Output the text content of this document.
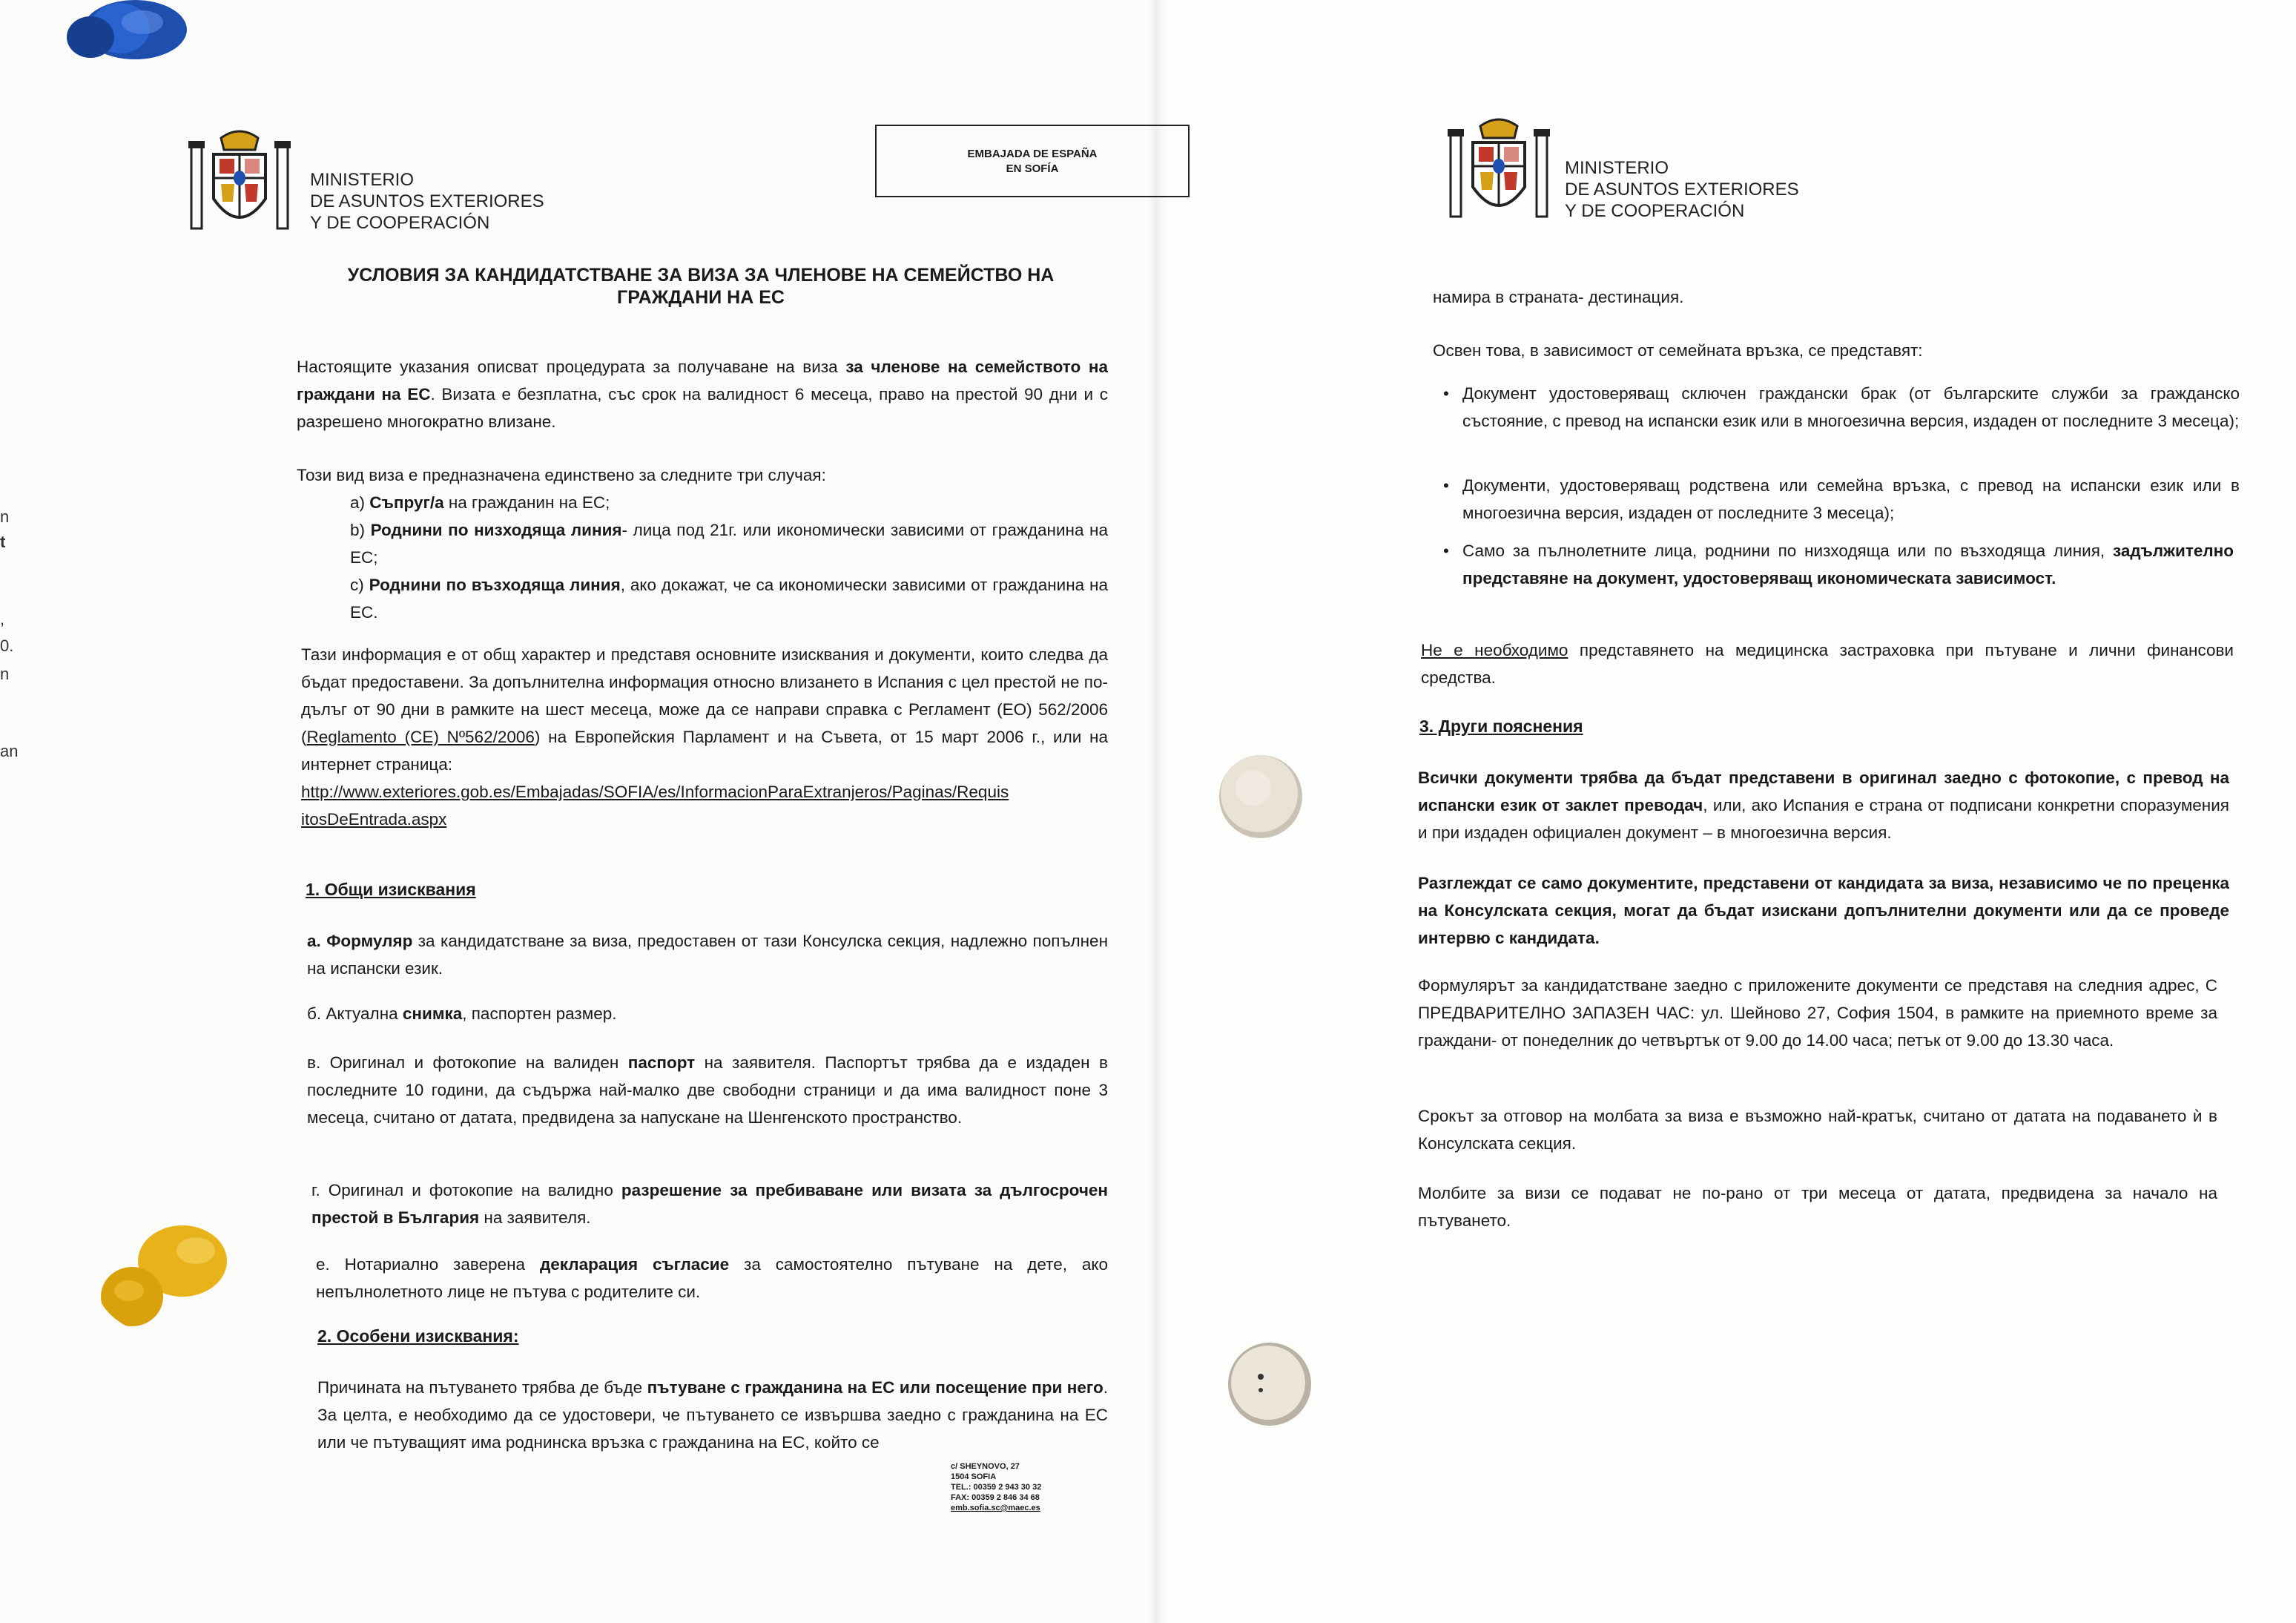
n
t
,
0.
n
an
MINISTERIO
DE ASUNTOS EXTERIORES
Y DE COOPERACIÓN
EMBAJADA DE ESPAÑA
EN SOFÍA
УСЛОВИЯ ЗА КАНДИДАТСТВАНЕ ЗА ВИЗА ЗА ЧЛЕНОВЕ НА СЕМЕЙСТВО НА
ГРАЖДАНИ НА ЕС

Настоящите указания описват процедурата за получаване на виза за членове на семейството на граждани на ЕС. Визата е безплатна, със срок на валидност 6 месеца, право на престой 90 дни и с разрешено многократно влизане.

Този вид виза е предназначена единствено за следните три случая:

а) Съпруг/а на гражданин на ЕС;

b) Роднини по низходяща линия- лица под 21г. или икономически зависими от гражданина на ЕС;

c) Роднини по възходяща линия, ако докажат, че са икономически зависими от гражданина на ЕС.

Тази информация е от общ характер и представя основните изисквания и документи, които следва да бъдат предоставени. За допълнителна информация относно влизането в Испания с цел престой не по-дълъг от 90 дни в рамките на шест месеца, може да се направи справка с Регламент (ЕО) 562/2006 (Reglamento (CE) Nº562/2006) на Европейския Парламент и на Съвета, от 15 март 2006 г., или на интернет страница:

http://www.exteriores.gob.es/Embajadas/SOFIA/es/InformacionParaExtranjeros/Paginas/Requis
itosDeEntrada.aspx

1. Общи изисквания

а. Формуляр за кандидатстване за виза, предоставен от тази Консулска секция, надлежно попълнен на испански език.

б. Актуална снимка, паспортен размер.

в. Оригинал и фотокопие на валиден паспорт на заявителя. Паспортът трябва да е издаден в последните 10 години, да съдържа най-малко две свободни страници и да има валидност поне 3 месеца, считано от датата, предвидена за напускане на Шенгенското пространство.

г. Оригинал и фотокопие на валидно разрешение за пребиваване или визата за дългосрочен престой в България на заявителя.

е. Нотариално заверена декларация съгласие за самостоятелно пътуване на дете, ако непълнолетното лице не пътува с родителите си.

2. Особени изисквания:

Причината на пътуването трябва де бъде пътуване с гражданина на ЕС или посещение при него. За целта, е необходимо да се удостовери, че пътуването се извършва заедно с гражданина на ЕС или че пътуващият има роднинска връзка с гражданина на ЕС, който се

c/ SHEYNOVO, 27
1504 SOFIA
TEL.: 00359 2 943 30 32
FAX: 00359 2 846 34 68
emb.sofia.sc@maec.es
MINISTERIO
DE ASUNTOS EXTERIORES
Y DE COOPERACIÓN
намира в страната- дестинация.
Освен това, в зависимост от семейната връзка, се представят:
• Документ удостоверяващ сключен граждански брак (от българските служби за гражданско състояние, с превод на испански език или в многоезична версия, издаден от последните 3 месеца);
• Документи, удостоверяващ родствена или семейна връзка, с превод на испански език или в многоезична версия, издаден от последните 3 месеца);
• Само за пълнолетните лица, роднини по низходяща или по възходяща линия, задължително представяне на документ, удостоверяващ икономическата зависимост.

Не е необходимо представянето на медицинска застраховка при пътуване и лични финансови средства.

3. Други пояснения

Всички документи трябва да бъдат представени в оригинал заедно с фотокопие, с превод на испански език от заклет преводач, или, ако Испания е страна от подписани конкретни споразумения и при издаден официален документ – в многоезична версия.

Разглеждат се само документите, представени от кандидата за виза, независимо че по преценка на Консулската секция, могат да бъдат изискани допълнителни документи или да се проведе интервю с кандидата.

Формулярът за кандидатстване заедно с приложените документи се представя на следния адрес, С ПРЕДВАРИТЕЛНО ЗАПАЗЕН ЧАС: ул. Шейново 27, София 1504, в рамките на приемното време за граждани- от понеделник до четвъртък от 9.00 до 14.00 часа; петък от 9.00 до 13.30 часа.

Срокът за отговор на молбата за виза е възможно най-кратък, считано от датата на подаването ѝ в Консулската секция.

Молбите за визи се подават не по-рано от три месеца от датата, предвидена за начало на пътуването.
